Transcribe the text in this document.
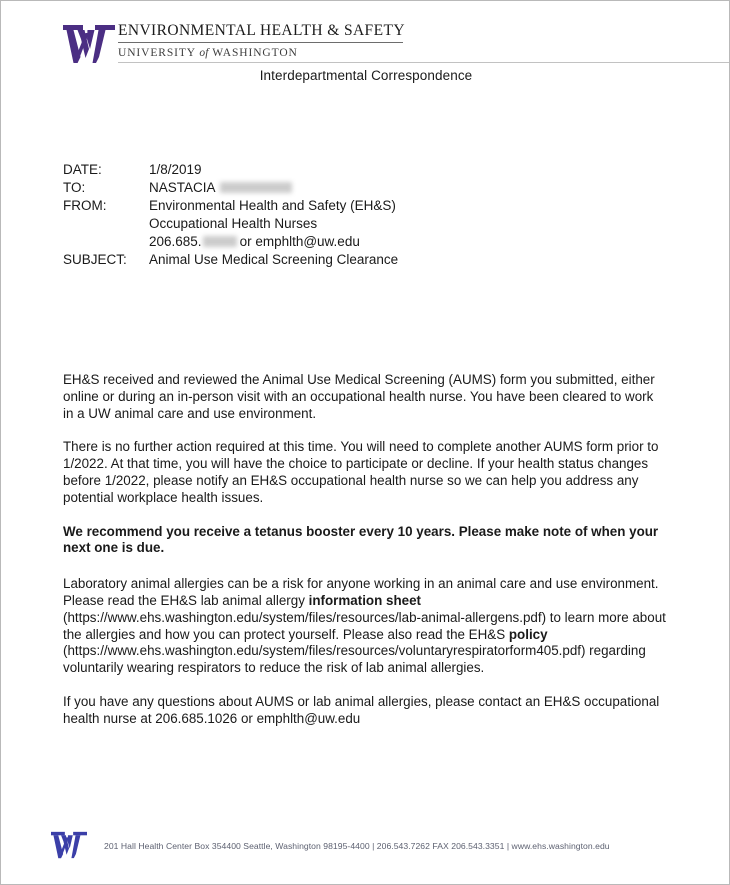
ENVIRONMENTAL HEALTH & SAFETY
UNIVERSITY of WASHINGTON
Interdepartmental Correspondence
DATE:	1/8/2019
TO:	NASTACIA
FROM:	Environmental Health and Safety (EH&S)
Occupational Health Nurses
206.685.	or emphlth@uw.edu
SUBJECT: Animal Use Medical Screening Clearance

EH&S received and reviewed the Animal Use Medical Screening (AUMS) form you submitted, either online or during an in-person visit with an occupational health nurse. You have been cleared to work in a UW animal care and use environment.

There is no further action required at this time. You will need to complete another AUMS form prior to 1/2022. At that time, you will have the choice to participate or decline. If your health status changes before 1/2022, please notify an EH&S occupational health nurse so we can help you address any potential workplace health issues.

We recommend you receive a tetanus booster every 10 years. Please make note of when your next one is due.

Laboratory animal allergies can be a risk for anyone working in an animal care and use environment. Please read the EH&S lab animal allergy information sheet (https://www.ehs.washington.edu/system/files/resources/lab-animal-allergens.pdf) to learn more about the allergies and how you can protect yourself. Please also read the EH&S policy (https://www.ehs.washington.edu/system/files/resources/voluntaryrespiratorform405.pdf) regarding voluntarily wearing respirators to reduce the risk of lab animal allergies.

If you have any questions about AUMS or lab animal allergies, please contact an EH&S occupational health nurse at 206.685.1026 or emphlth@uw.edu

201 Hall Health Center Box 354400 Seattle, Washington 98195-4400 | 206.543.7262 FAX 206.543.3351 | www.ehs.washington.edu
